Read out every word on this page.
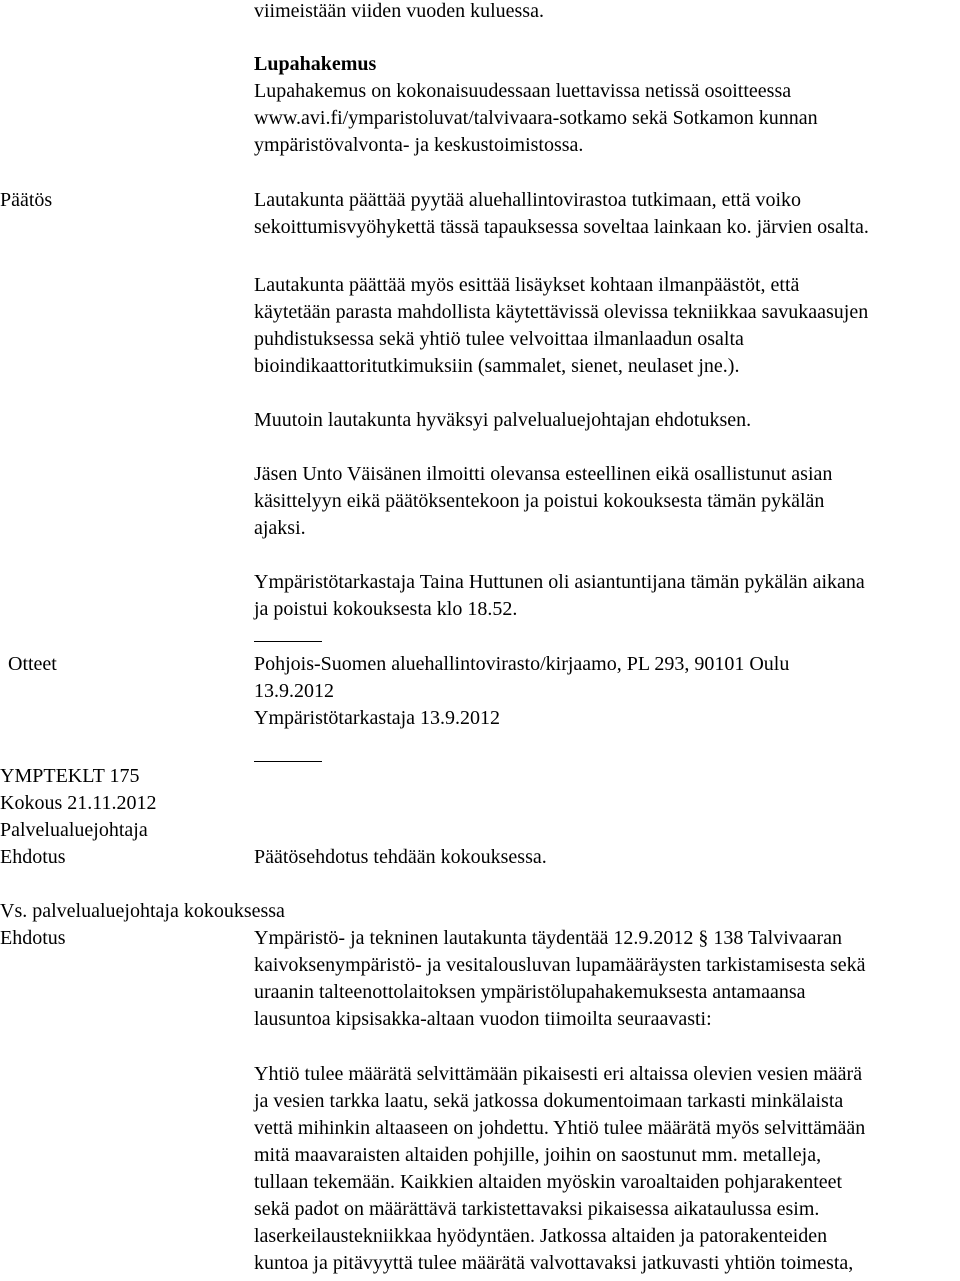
viimeistään viiden vuoden kuluessa.
Lupahakemus
Lupahakemus on kokonaisuudessaan luettavissa netissä osoitteessa
www.avi.fi/ymparistoluvat/talvivaara-sotkamo sekä Sotkamon kunnan
ympäristövalvonta- ja keskustoimistossa.
Päätös	Lautakunta päättää pyytää aluehallintovirastoa tutkimaan, että voiko
sekoittumisvyöhykettä tässä tapauksessa soveltaa lainkaan ko. järvien osalta.
Lautakunta päättää myös esittää lisäykset kohtaan ilmanpäästöt, että
käytetään parasta mahdollista käytettävissä olevissa tekniikkaa savukaasujen
puhdistuksessa sekä yhtiö tulee velvoittaa ilmanlaadun osalta
bioindikaattoritutkimuksiin (sammalet, sienet, neulaset jne.).
Muutoin lautakunta hyväksyi palvelualuejohtajan ehdotuksen.
Jäsen Unto Väisänen ilmoitti olevansa esteellinen eikä osallistunut asian
käsittelyyn eikä päätöksentekoon ja poistui kokouksesta tämän pykälän
ajaksi.
Ympäristötarkastaja Taina Huttunen oli asiantuntijana tämän pykälän aikana
ja poistui kokouksesta klo 18.52.
Otteet	Pohjois-Suomen aluehallintovirasto/kirjaamo, PL 293, 90101 Oulu
13.9.2012
Ympäristötarkastaja 13.9.2012
YMPTEKLT 175
Kokous 21.11.2012
Palvelualuejohtaja
Ehdotus	Päätösehdotus tehdään kokouksessa.
Vs. palvelualuejohtaja kokouksessa
Ehdotus	Ympäristö- ja tekninen lautakunta täydentää 12.9.2012 § 138 Talvivaaran
kaivoksenympäristö- ja vesitalousluvan lupamääräysten tarkistamisesta sekä
uraanin talteenottolaitoksen ympäristölupahakemuksesta antamaansa
lausuntoa kipsisakka-altaan vuodon tiimoilta seuraavasti:
Yhtiö tulee määrätä selvittämään pikaisesti eri altaissa olevien vesien määrä
ja vesien tarkka laatu, sekä jatkossa dokumentoimaan tarkasti minkälaista
vettä mihinkin altaaseen on johdettu. Yhtiö tulee määrätä myös selvittämään
mitä maavaraisten altaiden pohjille, joihin on saostunut mm. metalleja,
tullaan tekemään. Kaikkien altaiden myöskin varoaltaiden pohjarakenteet
sekä padot on määrättävä tarkistettavaksi pikaisessa aikataulussa esim.
laserkeilaustekniikkaa hyödyntäen. Jatkossa altaiden ja patorakenteiden
kuntoa ja pitävyyttä tulee määrätä valvottavaksi jatkuvasti yhtiön toimesta,
